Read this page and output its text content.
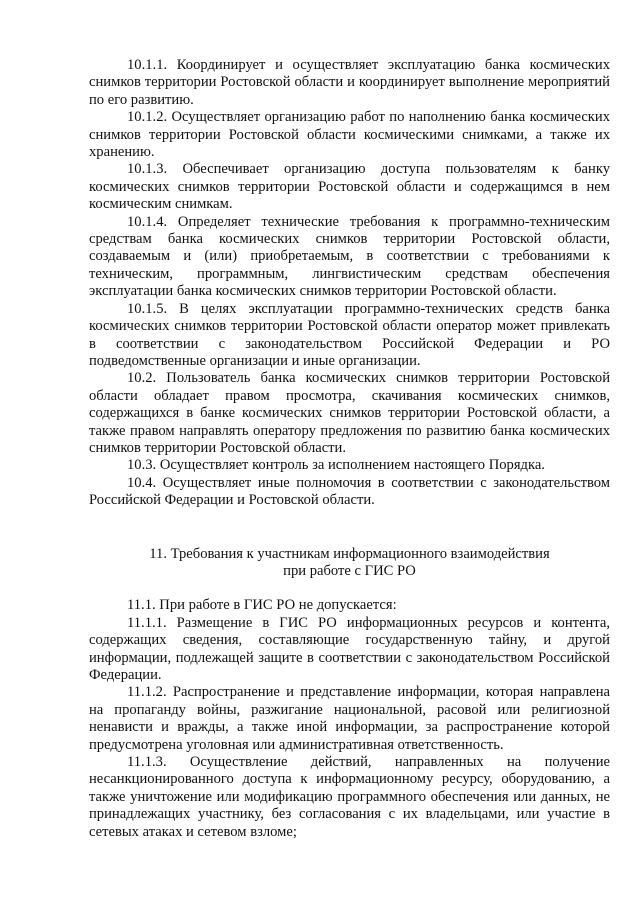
10.1.1. Координирует и осуществляет эксплуатацию банка космических снимков территории Ростовской области и координирует выполнение мероприятий по его развитию.

10.1.2. Осуществляет организацию работ по наполнению банка космических снимков территории Ростовской области космическими снимками, а также их хранению.

10.1.3. Обеспечивает организацию доступа пользователям к банку космических снимков территории Ростовской области и содержащимся в нем космическим снимкам.

10.1.4. Определяет технические требования к программно-техническим средствам банка космических снимков территории Ростовской области, создаваемым и (или) приобретаемым, в соответствии с требованиями к техническим, программным, лингвистическим средствам обеспечения эксплуатации банка космических снимков территории Ростовской области.

10.1.5. В целях эксплуатации программно-технических средств банка космических снимков территории Ростовской области оператор может привлекать в соответствии с законодательством Российской Федерации и РО подведомственные организации и иные организации.

10.2. Пользователь банка космических снимков территории Ростовской области обладает правом просмотра, скачивания космических снимков, содержащихся в банке космических снимков территории Ростовской области, а также правом направлять оператору предложения по развитию банка космических снимков территории Ростовской области.

10.3. Осуществляет контроль за исполнением настоящего Порядка.

10.4. Осуществляет иные полномочия в соответствии с законодательством Российской Федерации и Ростовской области.

11. Требования к участникам информационного взаимодействия
при работе с ГИС РО

11.1. При работе в ГИС РО не допускается:

11.1.1. Размещение в ГИС РО информационных ресурсов и контента, содержащих сведения, составляющие государственную тайну, и другой информации, подлежащей защите в соответствии с законодательством Российской Федерации.

11.1.2. Распространение и представление информации, которая направлена на пропаганду войны, разжигание национальной, расовой или религиозной ненависти и вражды, а также иной информации, за распространение которой предусмотрена уголовная или административная ответственность.

11.1.3. Осуществление действий, направленных на получение несанкционированного доступа к информационному ресурсу, оборудованию, а также уничтожение или модификацию программного обеспечения или данных, не принадлежащих участнику, без согласования с их владельцами, или участие в сетевых атаках и сетевом взломе;
